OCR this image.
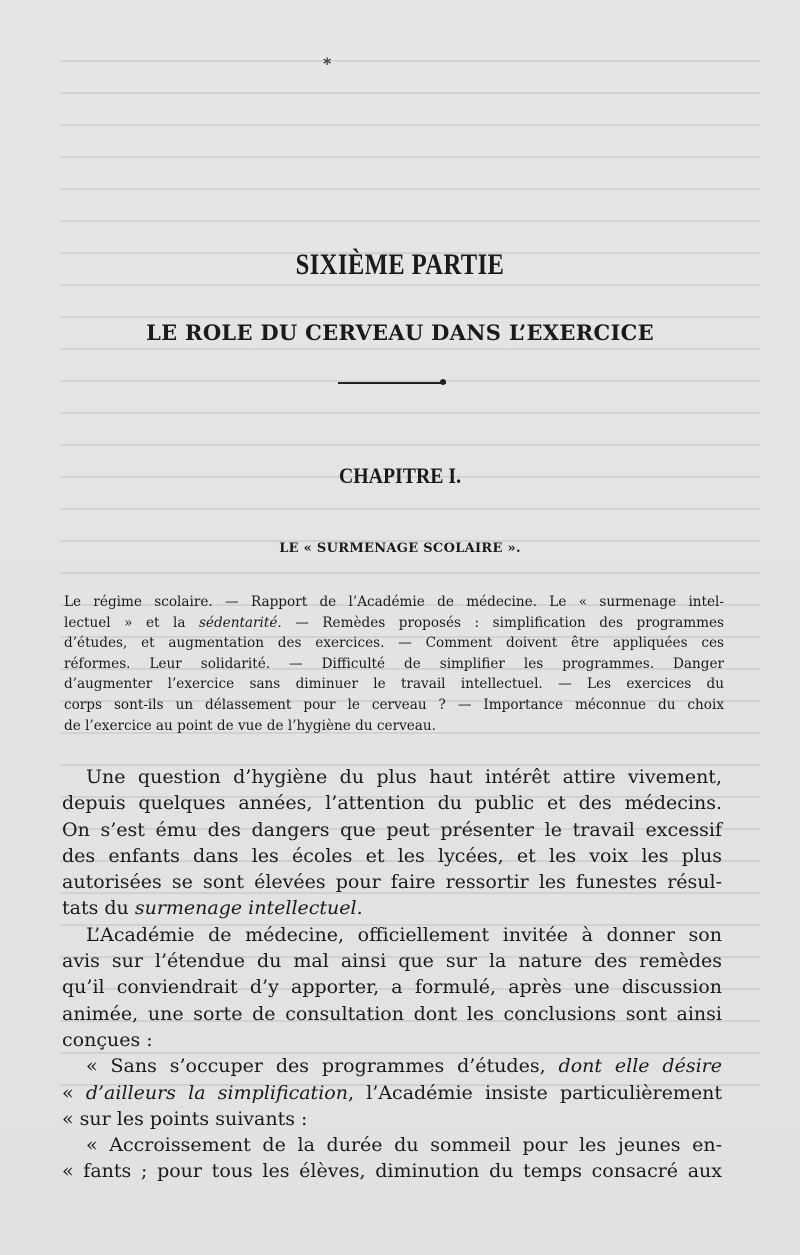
*
SIXIÈME PARTIE
LE ROLE DU CERVEAU DANS L’EXERCICE
CHAPITRE I.
LE « SURMENAGE SCOLAIRE ».
Le régime scolaire. — Rapport de l’Académie de médecine. Le « surmenage intel-
lectuel » et la sédentarité. — Remèdes proposés : simplification des programmes
d’études, et augmentation des exercices. — Comment doivent être appliquées ces
réformes. Leur solidarité. — Difficulté de simplifier les programmes. Danger
d’augmenter l’exercice sans diminuer le travail intellectuel. — Les exercices du
corps sont-ils un délassement pour le cerveau ? — Importance méconnue du choix
de l’exercice au point de vue de l’hygiène du cerveau.
Une question d’hygiène du plus haut intérêt attire vivement,
depuis quelques années, l’attention du public et des médecins.
On s’est ému des dangers que peut présenter le travail excessif
des enfants dans les écoles et les lycées, et les voix les plus
autorisées se sont élevées pour faire ressortir les funestes résul-
tats du surmenage intellectuel.
L’Académie de médecine, officiellement invitée à donner son
avis sur l’étendue du mal ainsi que sur la nature des remèdes
qu’il conviendrait d’y apporter, a formulé, après une discussion
animée, une sorte de consultation dont les conclusions sont ainsi
conçues :
« Sans s’occuper des programmes d’études, dont elle désire
« d’ailleurs la simplification, l’Académie insiste particulièrement
« sur les points suivants :
« Accroissement de la durée du sommeil pour les jeunes en-
« fants ; pour tous les élèves, diminution du temps consacré aux
